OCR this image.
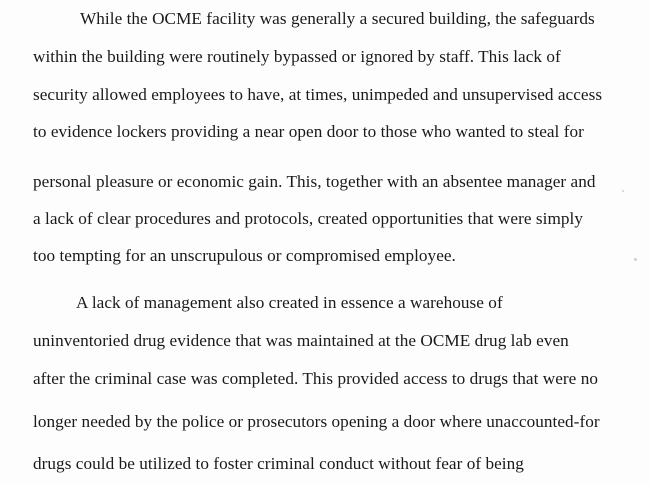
While the OCME facility was generally a secured building, the safeguards
within the building were routinely bypassed or ignored by staff. This lack of
security allowed employees to have, at times, unimpeded and unsupervised access
to evidence lockers providing a near open door to those who wanted to steal for
personal pleasure or economic gain. This, together with an absentee manager and
a lack of clear procedures and protocols, created opportunities that were simply
too tempting for an unscrupulous or compromised employee.
A lack of management also created in essence a warehouse of
uninventoried drug evidence that was maintained at the OCME drug lab even
after the criminal case was completed. This provided access to drugs that were no
longer needed by the police or prosecutors opening a door where unaccounted-for
drugs could be utilized to foster criminal conduct without fear of being
